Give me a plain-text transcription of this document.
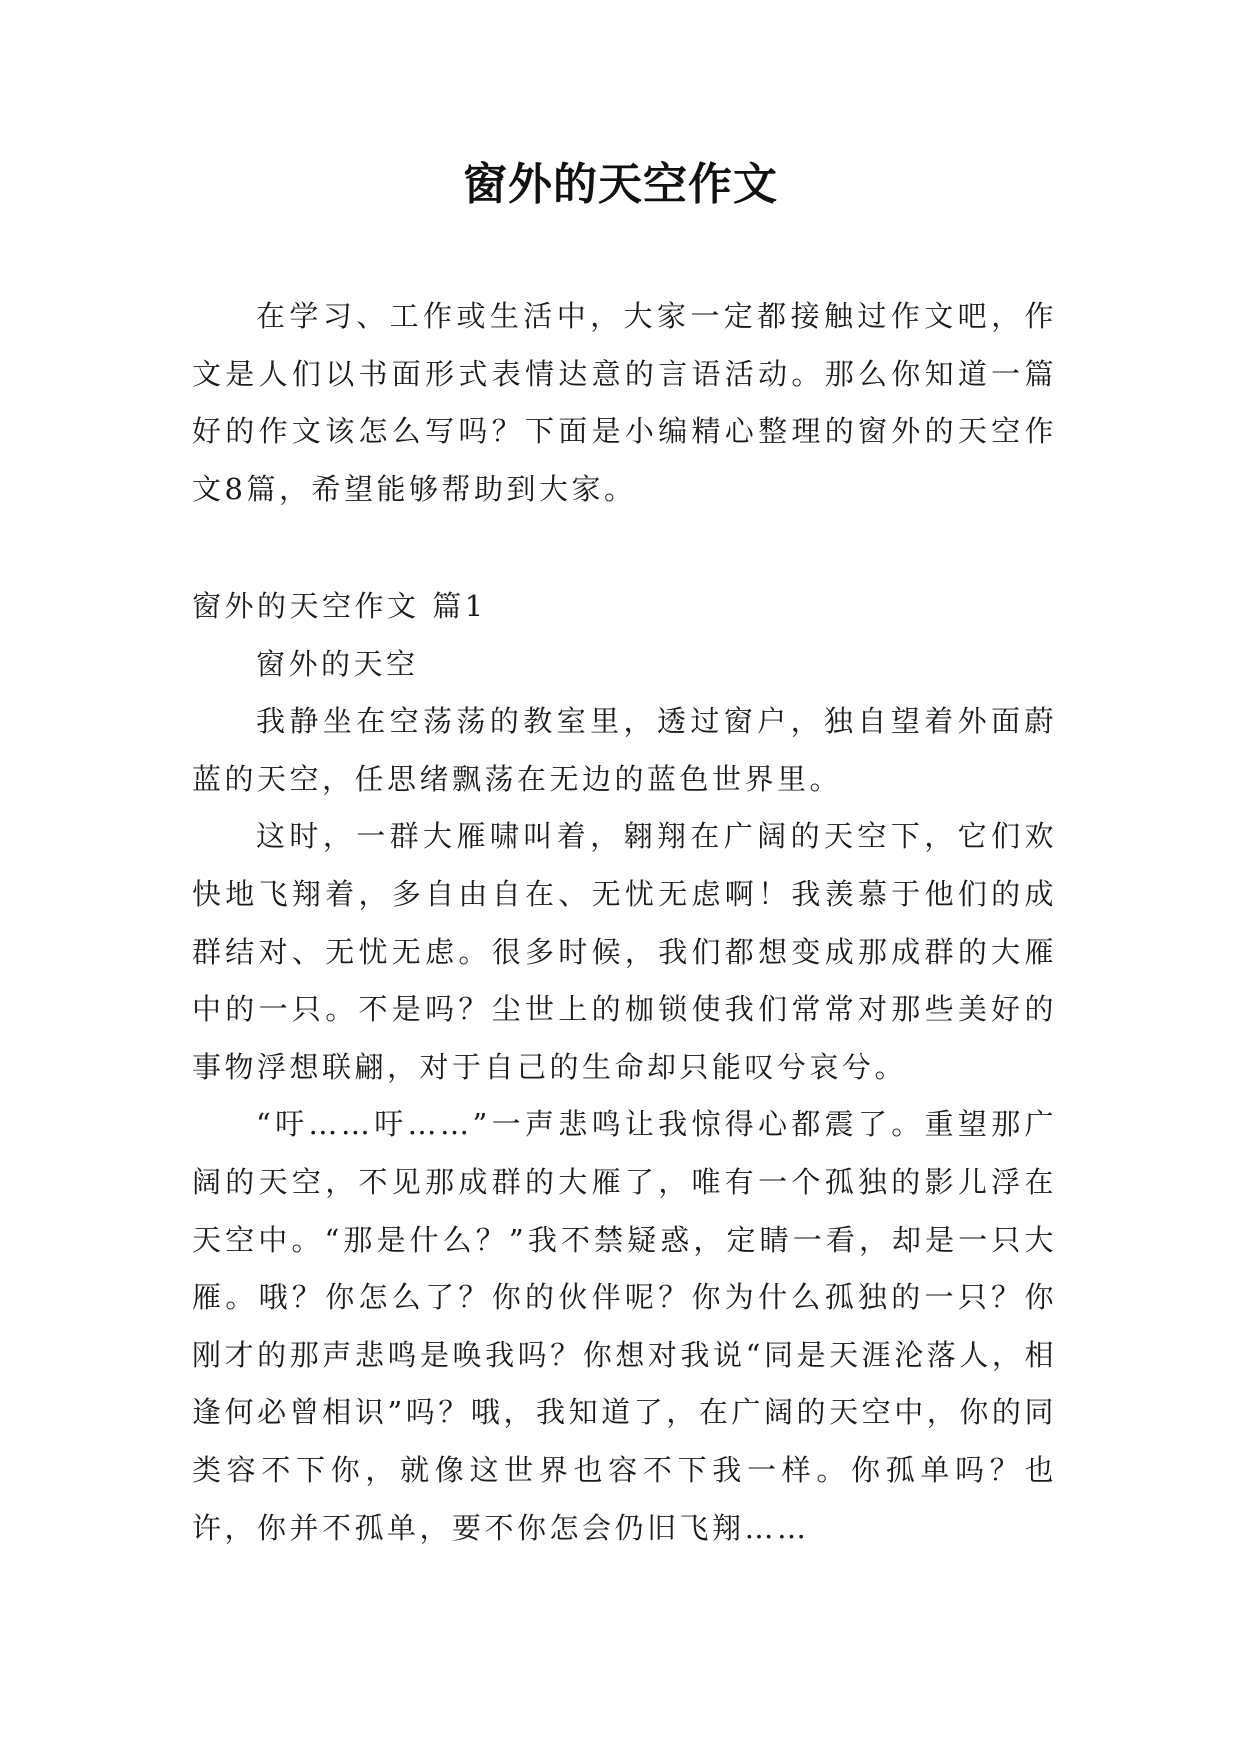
窗外的天空作文
在学习、工作或生活中，大家一定都接触过作文吧，作文是人们以书面形式表情达意的言语活动。那么你知道一篇好的作文该怎么写吗？下面是小编精心整理的窗外的天空作文8篇，希望能够帮助到大家。

窗外的天空作文 篇1

窗外的天空

我静坐在空荡荡的教室里，透过窗户，独自望着外面蔚蓝的天空，任思绪飘荡在无边的蓝色世界里。

这时，一群大雁啸叫着，翱翔在广阔的天空下，它们欢快地飞翔着，多自由自在、无忧无虑啊！我羡慕于他们的成群结对、无忧无虑。很多时候，我们都想变成那成群的大雁中的一只。不是吗？尘世上的枷锁使我们常常对那些美好的事物浮想联翩，对于自己的生命却只能叹兮哀兮。

“吁……吁……”一声悲鸣让我惊得心都震了。重望那广阔的天空，不见那成群的大雁了，唯有一个孤独的影儿浮在天空中。“那是什么？”我不禁疑惑，定睛一看，却是一只大雁。哦？你怎么了？你的伙伴呢？你为什么孤独的一只？你刚才的那声悲鸣是唤我吗？你想对我说“同是天涯沦落人，相逢何必曾相识”吗？哦，我知道了，在广阔的天空中，你的同类容不下你，就像这世界也容不下我一样。你孤单吗？也许，你并不孤单，要不你怎会仍旧飞翔……
